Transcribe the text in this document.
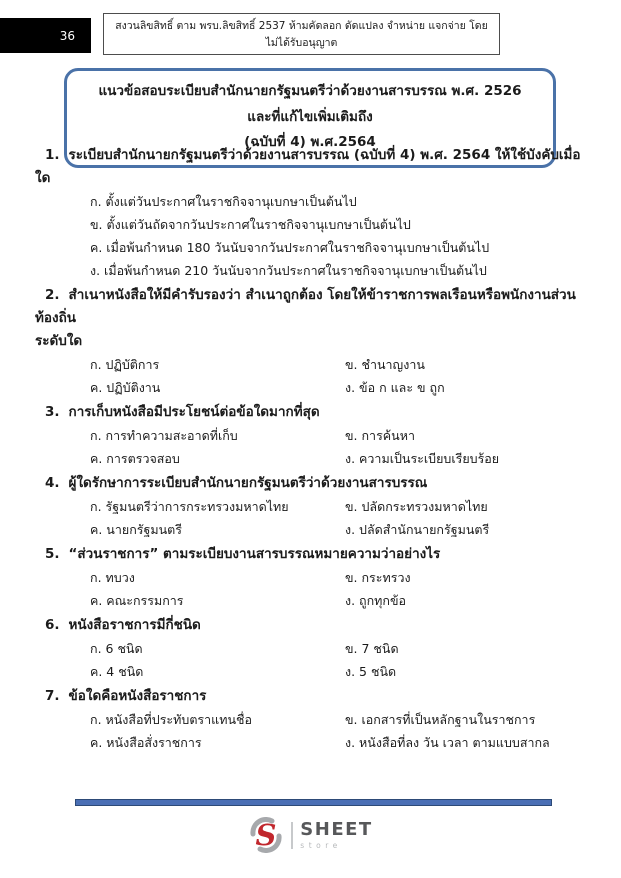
36
สงวนลิขสิทธิ์ ตาม พรบ.ลิขสิทธิ์ 2537 ห้ามคัดลอก ดัดแปลง จำหน่าย แจกจ่าย โดยไม่ได้รับอนุญาต
แนวข้อสอบระเบียบสำนักนายกรัฐมนตรีว่าด้วยงานสารบรรณ พ.ศ. 2526 และที่แก้ไขเพิ่มเติมถึง
(ฉบับที่ 4) พ.ศ.2564

1. ระเบียบสำนักนายกรัฐมนตรีว่าด้วยงานสารบรรณ (ฉบับที่ 4) พ.ศ. 2564 ให้ใช้บังคับเมื่อใด

ก. ตั้งแต่วันประกาศในราชกิจจานุเบกษาเป็นต้นไป
ข. ตั้งแต่วันถัดจากวันประกาศในราชกิจจานุเบกษาเป็นต้นไป
ค. เมื่อพ้นกำหนด 180 วันนับจากวันประกาศในราชกิจจานุเบกษาเป็นต้นไป
ง. เมื่อพ้นกำหนด 210 วันนับจากวันประกาศในราชกิจจานุเบกษาเป็นต้นไป

2. สำเนาหนังสือให้มีคำรับรองว่า สำเนาถูกต้อง โดยให้ข้าราชการพลเรือนหรือพนักงานส่วนท้องถิ่น

ระดับใด

ก. ปฏิบัติการ	ข. ชำนาญงาน
ค. ปฏิบัติงาน	ง. ข้อ ก และ ข ถูก

3. การเก็บหนังสือมีประโยชน์ต่อข้อใดมากที่สุด

ก. การทำความสะอาดที่เก็บ	ข. การค้นหา
ค. การตรวจสอบ	ง. ความเป็นระเบียบเรียบร้อย

4. ผู้ใดรักษาการระเบียบสำนักนายกรัฐมนตรีว่าด้วยงานสารบรรณ

ก. รัฐมนตรีว่าการกระทรวงมหาดไทย	ข. ปลัดกระทรวงมหาดไทย
ค. นายกรัฐมนตรี	ง. ปลัดสำนักนายกรัฐมนตรี

5. “ส่วนราชการ” ตามระเบียบงานสารบรรณหมายความว่าอย่างไร

ก. ทบวง	ข. กระทรวง
ค. คณะกรรมการ	ง. ถูกทุกข้อ

6. หนังสือราชการมีกี่ชนิด

ก. 6 ชนิด	ข. 7 ชนิด
ค. 4 ชนิด	ง. 5 ชนิด

7. ข้อใดคือหนังสือราชการ

ก. หนังสือที่ประทับตราแทนชื่อ	ข. เอกสารที่เป็นหลักฐานในราชการ
ค. หนังสือสั่งราชการ	ง. หนังสือที่ลง วัน เวลา ตามแบบสากล
S SHEET
store
